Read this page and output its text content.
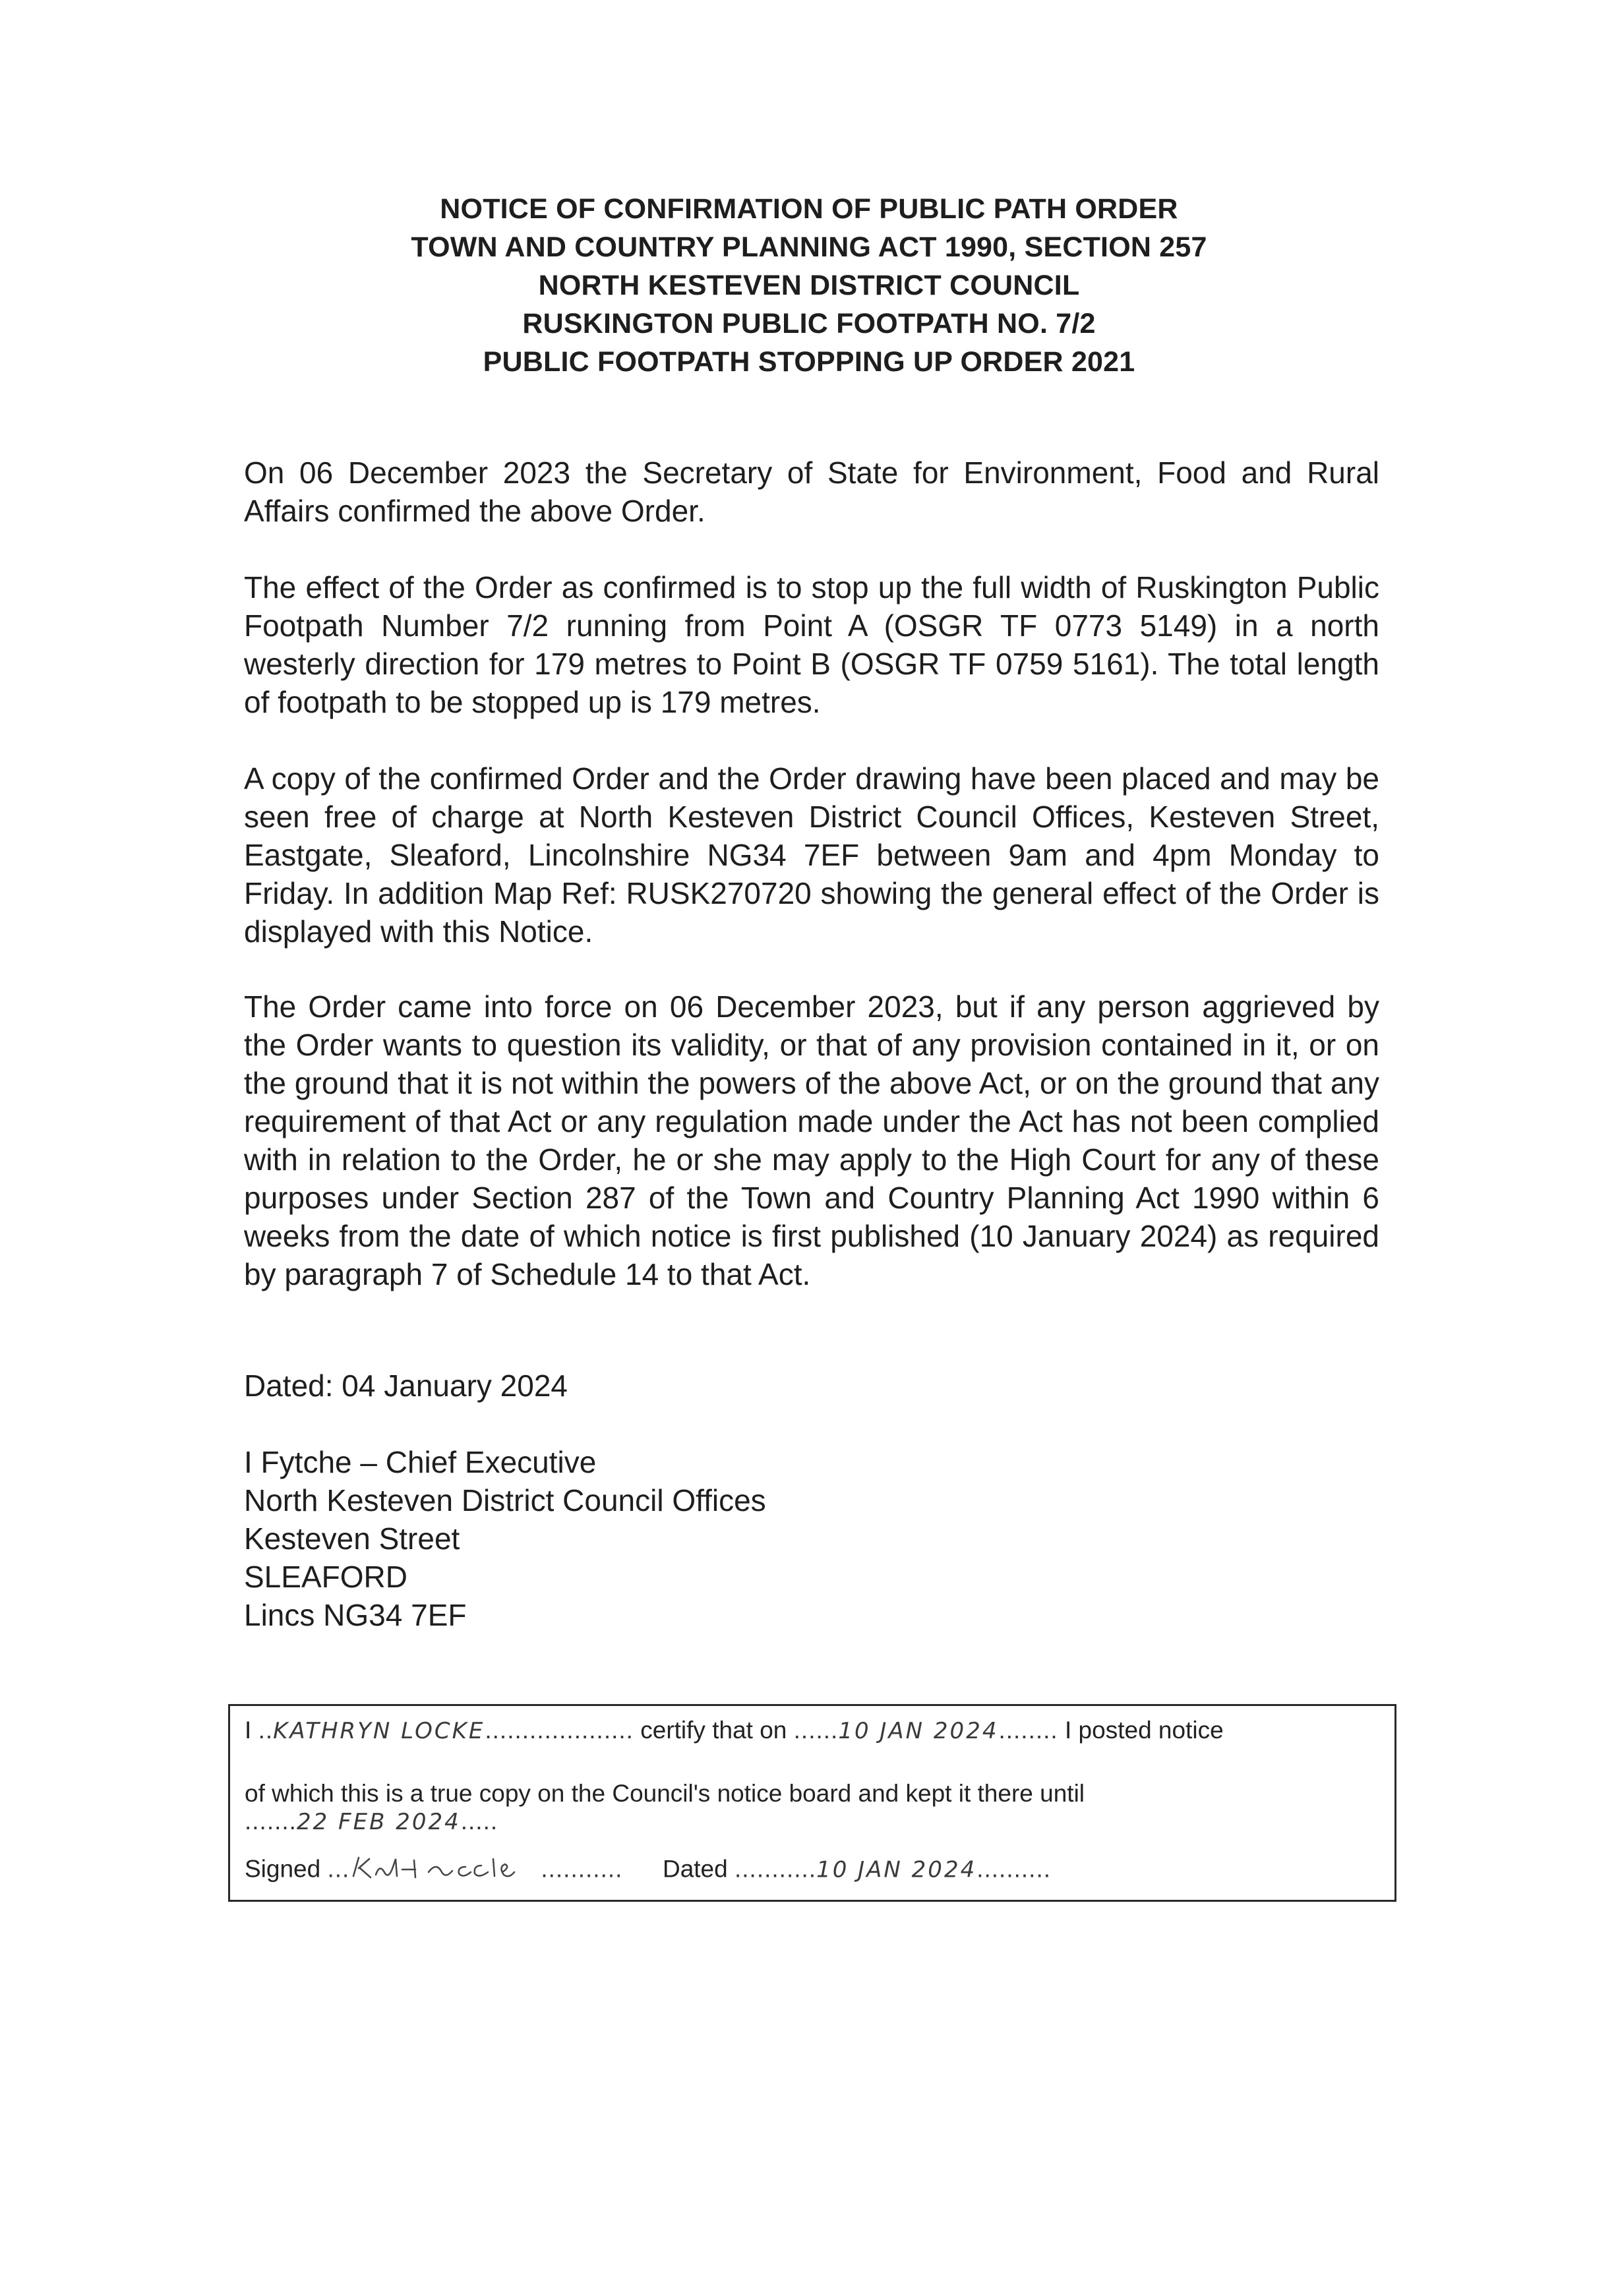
NOTICE OF CONFIRMATION OF PUBLIC PATH ORDER
TOWN AND COUNTRY PLANNING ACT 1990, SECTION 257
NORTH KESTEVEN DISTRICT COUNCIL
RUSKINGTON PUBLIC FOOTPATH NO. 7/2
PUBLIC FOOTPATH STOPPING UP ORDER 2021

On 06 December 2023 the Secretary of State for Environment, Food and Rural Affairs confirmed the above Order.

The effect of the Order as confirmed is to stop up the full width of Ruskington Public Footpath Number 7/2 running from Point A (OSGR TF 0773 5149) in a north westerly direction for 179 metres to Point B (OSGR TF 0759 5161). The total length of footpath to be stopped up is 179 metres.

A copy of the confirmed Order and the Order drawing have been placed and may be seen free of charge at North Kesteven District Council Offices, Kesteven Street, Eastgate, Sleaford, Lincolnshire NG34 7EF between 9am and 4pm Monday to Friday. In addition Map Ref: RUSK270720 showing the general effect of the Order is displayed with this Notice.

The Order came into force on 06 December 2023, but if any person aggrieved by the Order wants to question its validity, or that of any provision contained in it, or on the ground that it is not within the powers of the above Act, or on the ground that any requirement of that Act or any regulation made under the Act has not been complied with in relation to the Order, he or she may apply to the High Court for any of these purposes under Section 287 of the Town and Country Planning Act 1990 within 6 weeks from the date of which notice is first published (10 January 2024) as required by paragraph 7 of Schedule 14 to that Act.

Dated: 04 January 2024
I Fytche – Chief Executive
North Kesteven District Council Offices
Kesteven Street
SLEAFORD
Lincs NG34 7EF
I ..KATHRYN LOCKE.................... certify that on ......10 JAN 2024........ I posted notice
of which this is a true copy on the Council's notice board and kept it there until
.......22 FEB 2024.....
Signed ...	........... Dated ...........10 JAN 2024..........
